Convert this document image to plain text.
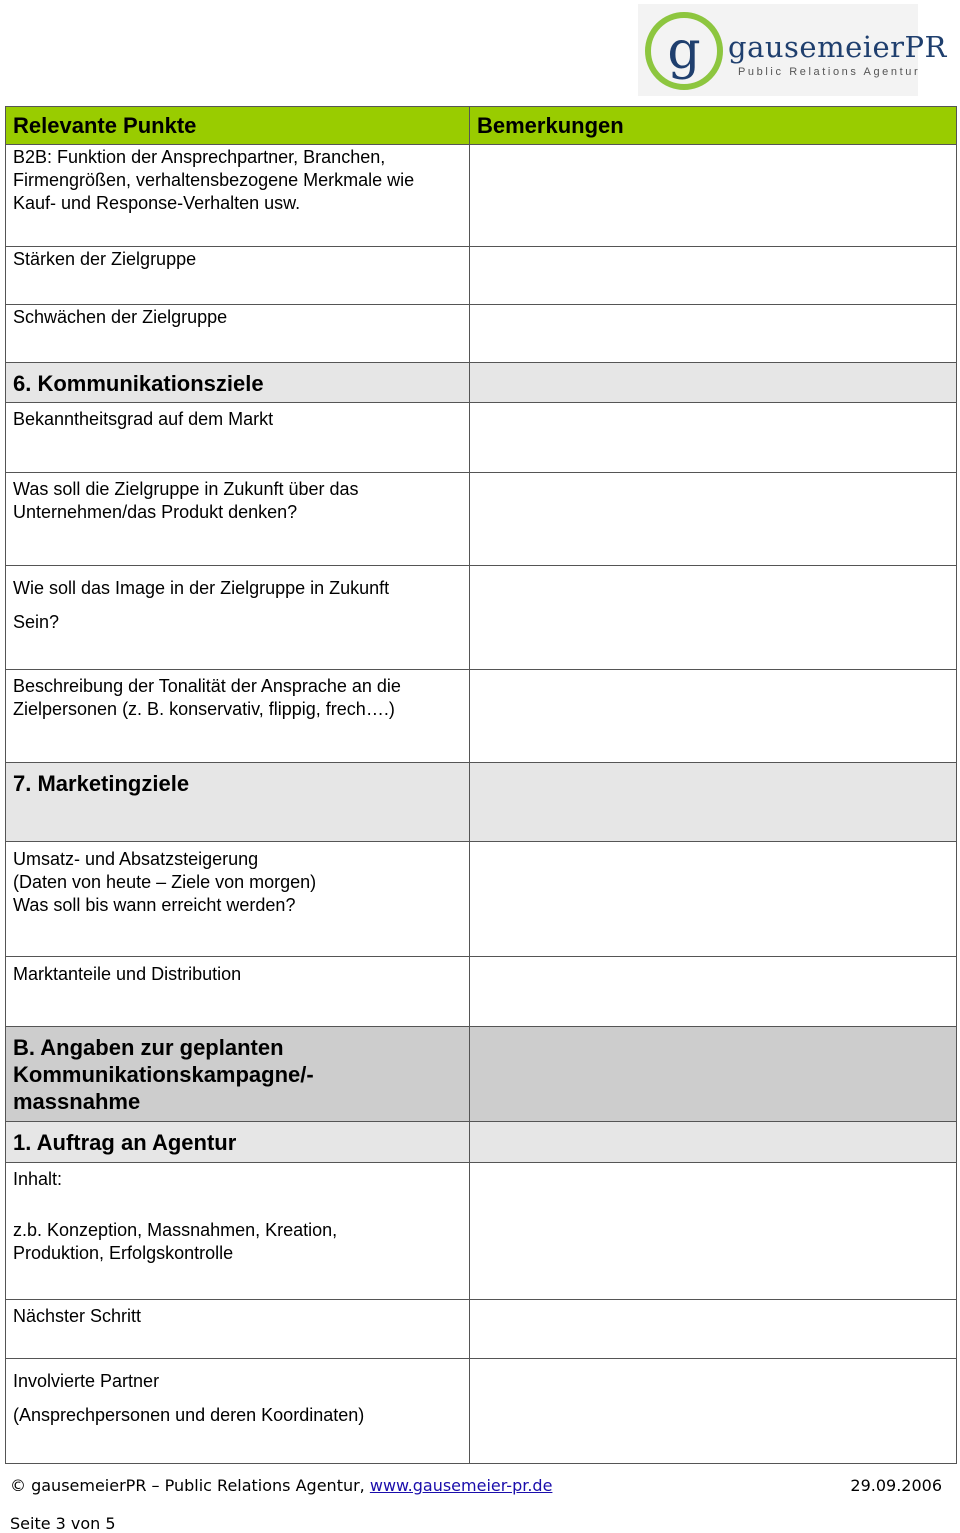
g gausemeierPR
Public Relations Agentur
Relevante Punkte	Bemerkungen

B2B: Funktion der Ansprechpartner, Branchen,
Firmengrößen, verhaltensbezogene Merkmale wie
Kauf- und Response-Verhalten usw.	

Stärken der Zielgruppe	

Schwächen der Zielgruppe	

6. Kommunikationsziele	

Bekanntheitsgrad auf dem Markt	

Was soll die Zielgruppe in Zukunft über das
Unternehmen/das Produkt denken?	

Wie soll das Image in der Zielgruppe in Zukunft
Sein?	

Beschreibung der Tonalität der Ansprache an die
Zielpersonen (z. B. konservativ, flippig, frech….)	

7. Marketingziele	

Umsatz- und Absatzsteigerung
(Daten von heute – Ziele von morgen)
Was soll bis wann erreicht werden?	

Marktanteile und Distribution	

B. Angaben zur geplanten
Kommunikationskampagne/-
massnahme	

1. Auftrag an Agentur	

Inhalt:
z.b. Konzeption, Massnahmen, Kreation,
Produktion, Erfolgskontrolle	

Nächster Schritt	

Involvierte Partner
(Ansprechpersonen und deren Koordinaten)	

© gausemeierPR – Public Relations Agentur, www.gausemeier-pr.de	29.09.2006
Seite 3 von 5
